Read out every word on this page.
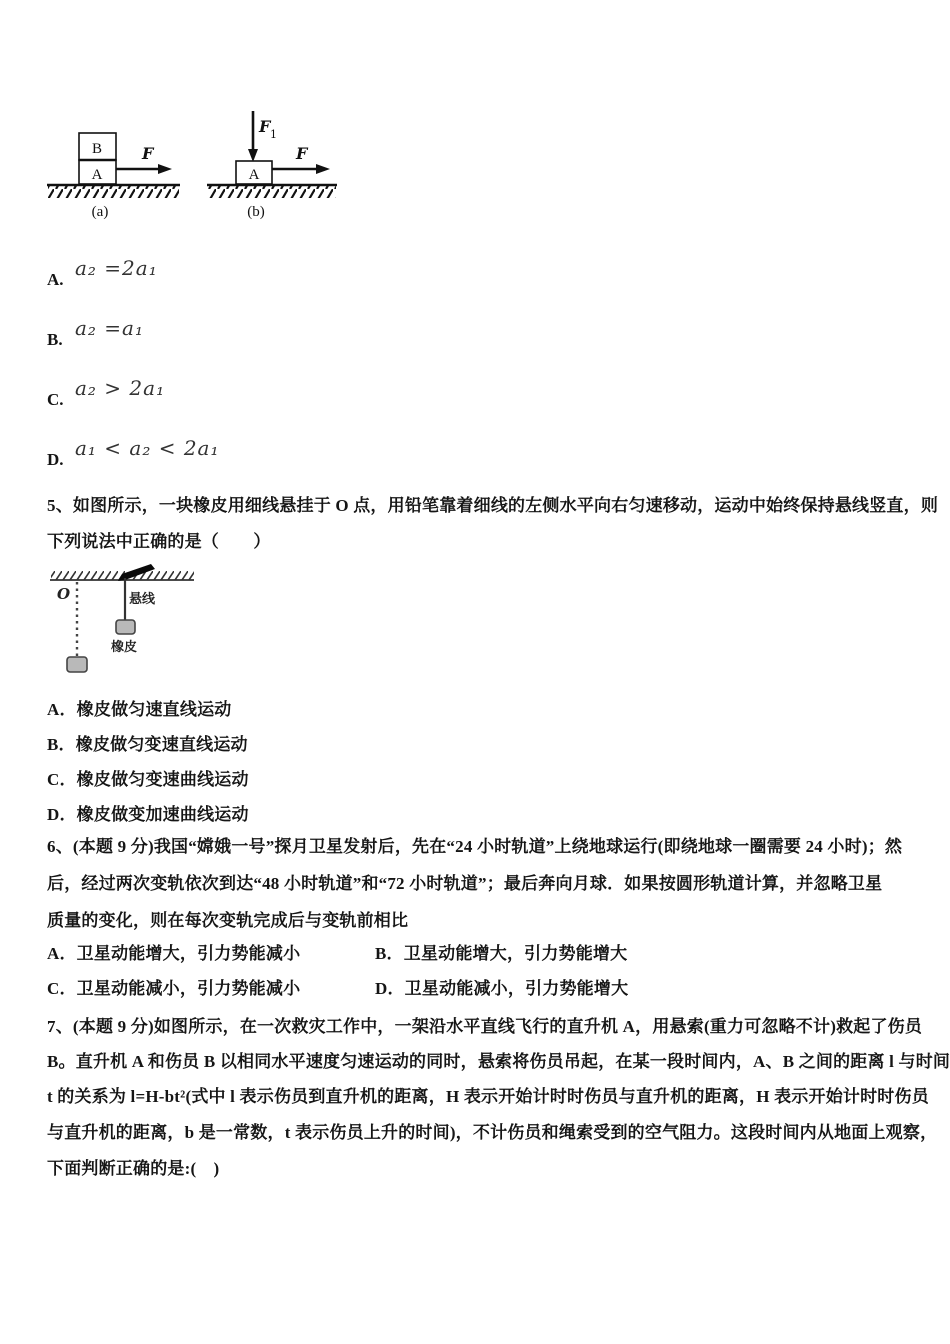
B
A
F
(a)
F 1
A
F
(b)
A. a₂ =2a₁
B. a₂ =a₁
C. a₂ > 2a₁
D. a₁ < a₂ < 2a₁
5、如图所示，一块橡皮用细线悬挂于 O 点，用铅笔靠着细线的左侧水平向右匀速移动，运动中始终保持悬线竖直，则
下列说法中正确的是（　　）
O	悬线
橡皮
A．橡皮做匀速直线运动
B．橡皮做匀变速直线运动
C．橡皮做匀变速曲线运动
D．橡皮做变加速曲线运动
6、(本题 9 分)我国“嫦娥一号”探月卫星发射后，先在“24 小时轨道”上绕地球运行(即绕地球一圈需要 24 小时)；然
后，经过两次变轨依次到达“48 小时轨道”和“72 小时轨道”；最后奔向月球．如果按圆形轨道计算，并忽略卫星
质量的变化，则在每次变轨完成后与变轨前相比
A．卫星动能增大，引力势能减小	B．卫星动能增大，引力势能增大
C．卫星动能减小，引力势能减小	D．卫星动能减小，引力势能增大
7、(本题 9 分)如图所示，在一次救灾工作中，一架沿水平直线飞行的直升机 A，用悬索(重力可忽略不计)救起了伤员
B。直升机 A 和伤员 B 以相同水平速度匀速运动的同时，悬索将伤员吊起，在某一段时间内，A、B 之间的距离 l 与时间
t 的关系为 l=H-bt²(式中 l 表示伤员到直升机的距离，H 表示开始计时时伤员与直升机的距离，H 表示开始计时时伤员
与直升机的距离，b 是一常数，t 表示伤员上升的时间)，不计伤员和绳索受到的空气阻力。这段时间内从地面上观察，
下面判断正确的是:(　)
